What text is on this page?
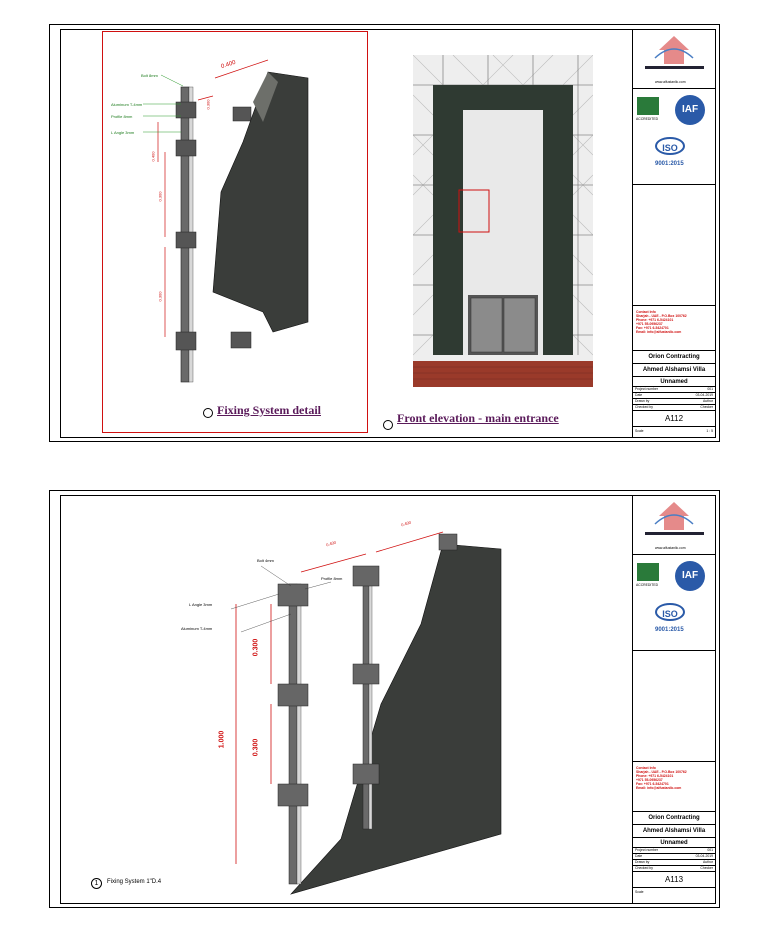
Bolt 8mm
Aluminum T-4mm
Profile 8mm
L Angle 3mm
0.400
0.400
0.300
0.300
0.300
Fixing System detail
Front elevation - main entrance
www.alfustanllc.com
ACCREDITED
IAF
ISO
9001:2015
Contact Info
Sharjah - UAE - P.O.Box 100762
Phone: +971 6-5424101
+971 55-0956237
Fax: +971 6-5424701
Email: info@alfustanllc.com
Orion Contracting
Ahmed Alshamsi Villa
Unnamed
Project number	001
Date	03-04-2019
Drawn by	Author
Checked by	Checker
A112
Scale	1 : 5
Bolt 4mm
Profile 8mm
L Angle 3mm
Aluminum T-4mm
0.400
0.400
0.300
0.300
1.000
1	Fixing System 1"D.4
www.alfustanllc.com
ACCREDITED
IAF
ISO
9001:2015
Contact Info
Sharjah - UAE - P.O.Box 100762
Phone: +971 6-5424101
+971 55-0956237
Fax: +971 6-5424701
Email: info@alfustanllc.com
Orion Contracting
Ahmed Alshamsi Villa
Unnamed
Project number	001
Date	03-04-2019
Drawn by	Author
Checked by	Checker
A113
Scale
